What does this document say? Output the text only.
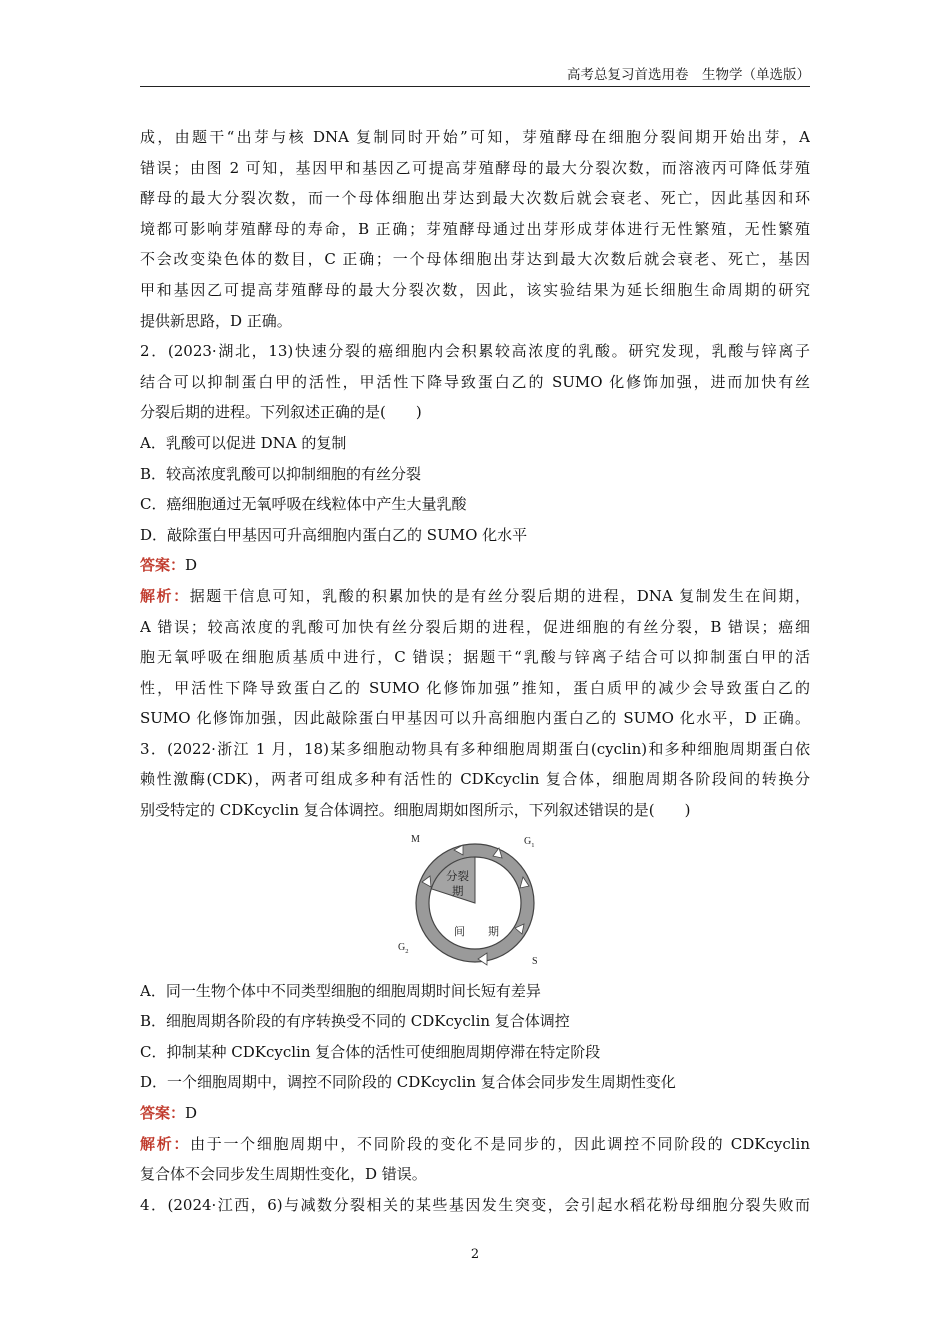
高考总复习首选用卷　生物学（单选版）
成，由题干“出芽与核 DNA 复制同时开始”可知，芽殖酵母在细胞分裂间期开始出芽，A
错误；由图 2 可知，基因甲和基因乙可提高芽殖酵母的最大分裂次数，而溶液丙可降低芽殖
酵母的最大分裂次数，而一个母体细胞出芽达到最大次数后就会衰老、死亡，因此基因和环
境都可影响芽殖酵母的寿命，B 正确；芽殖酵母通过出芽形成芽体进行无性繁殖，无性繁殖
不会改变染色体的数目，C 正确；一个母体细胞出芽达到最大次数后就会衰老、死亡，基因
甲和基因乙可提高芽殖酵母的最大分裂次数，因此，该实验结果为延长细胞生命周期的研究
提供新思路，D 正确。
2．(2023·湖北，13)快速分裂的癌细胞内会积累较高浓度的乳酸。研究发现，乳酸与锌离子
结合可以抑制蛋白甲的活性，甲活性下降导致蛋白乙的 SUMO 化修饰加强，进而加快有丝
分裂后期的进程。下列叙述正确的是(　　)
A．乳酸可以促进 DNA 的复制
B．较高浓度乳酸可以抑制细胞的有丝分裂
C．癌细胞通过无氧呼吸在线粒体中产生大量乳酸
D．敲除蛋白甲基因可升高细胞内蛋白乙的 SUMO 化水平
答案：D
解析：据题干信息可知，乳酸的积累加快的是有丝分裂后期的进程，DNA 复制发生在间期，
A 错误；较高浓度的乳酸可加快有丝分裂后期的进程，促进细胞的有丝分裂，B 错误；癌细
胞无氧呼吸在细胞质基质中进行，C 错误；据题干“乳酸与锌离子结合可以抑制蛋白甲的活
性，甲活性下降导致蛋白乙的 SUMO 化修饰加强”推知，蛋白质甲的减少会导致蛋白乙的
SUMO 化修饰加强，因此敲除蛋白甲基因可以升高细胞内蛋白乙的 SUMO 化水平，D 正确。
3．(2022·浙江 1 月，18)某多细胞动物具有多种细胞周期蛋白(cyclin)和多种细胞周期蛋白依
赖性激酶(CDK)，两者可组成多种有活性的 CDKcyclin 复合体，细胞周期各阶段间的转换分
别受特定的 CDKcyclin 复合体调控。细胞周期如图所示，下列叙述错误的是(　　)
M	$G_1$
S
$G_2$
分裂
期
间 期
A．同一生物个体中不同类型细胞的细胞周期时间长短有差异
B．细胞周期各阶段的有序转换受不同的 CDKcyclin 复合体调控
C．抑制某种 CDKcyclin 复合体的活性可使细胞周期停滞在特定阶段
D．一个细胞周期中，调控不同阶段的 CDKcyclin 复合体会同步发生周期性变化
答案：D
解析：由于一个细胞周期中，不同阶段的变化不是同步的，因此调控不同阶段的 CDKcyclin
复合体不会同步发生周期性变化，D 错误。
4．(2024·江西，6)与减数分裂相关的某些基因发生突变，会引起水稻花粉母细胞分裂失败而
2
